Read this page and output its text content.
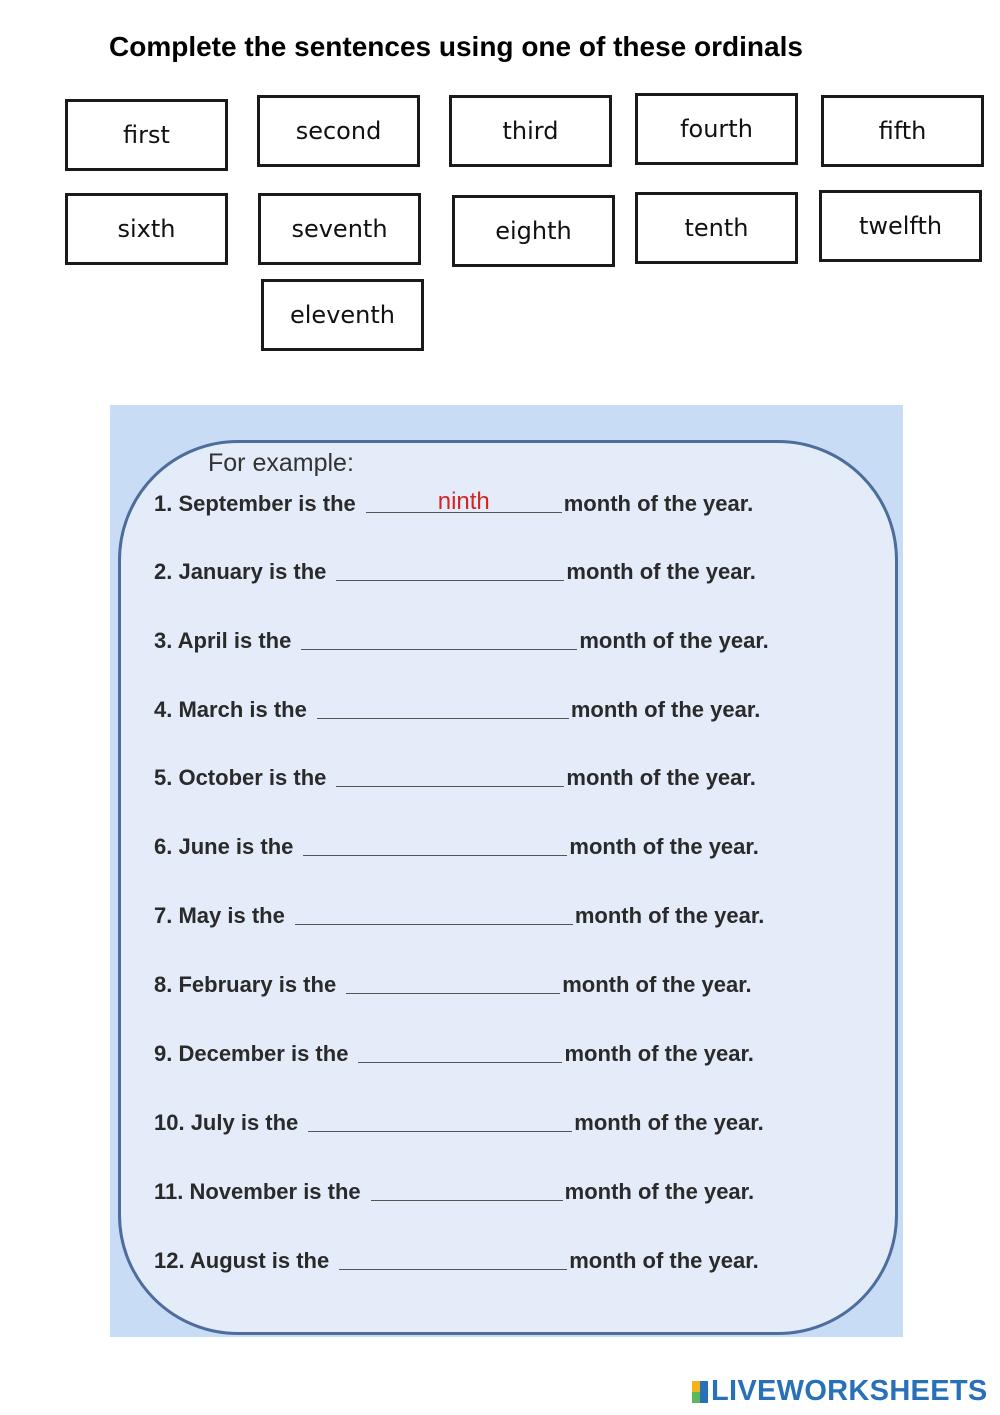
Complete the sentences using one of these ordinals
first	second	third	fourth	fifth
sixth	seventh	eighth	tenth	twelfth
eleventh
For example:
1. September is the	ninth	month of the year.
2. January is the	month of the year.
3. April is the	month of the year.
4. March is the	month of the year.
5. October is the	month of the year.
6. June is the	month of the year.
7. May is the	month of the year.
8. February is the	month of the year.
9. December is the	month of the year.
10. July is the	month of the year.
11. November is the	month of the year.
12. August is the	month of the year.
LIVEWORKSHEETS
